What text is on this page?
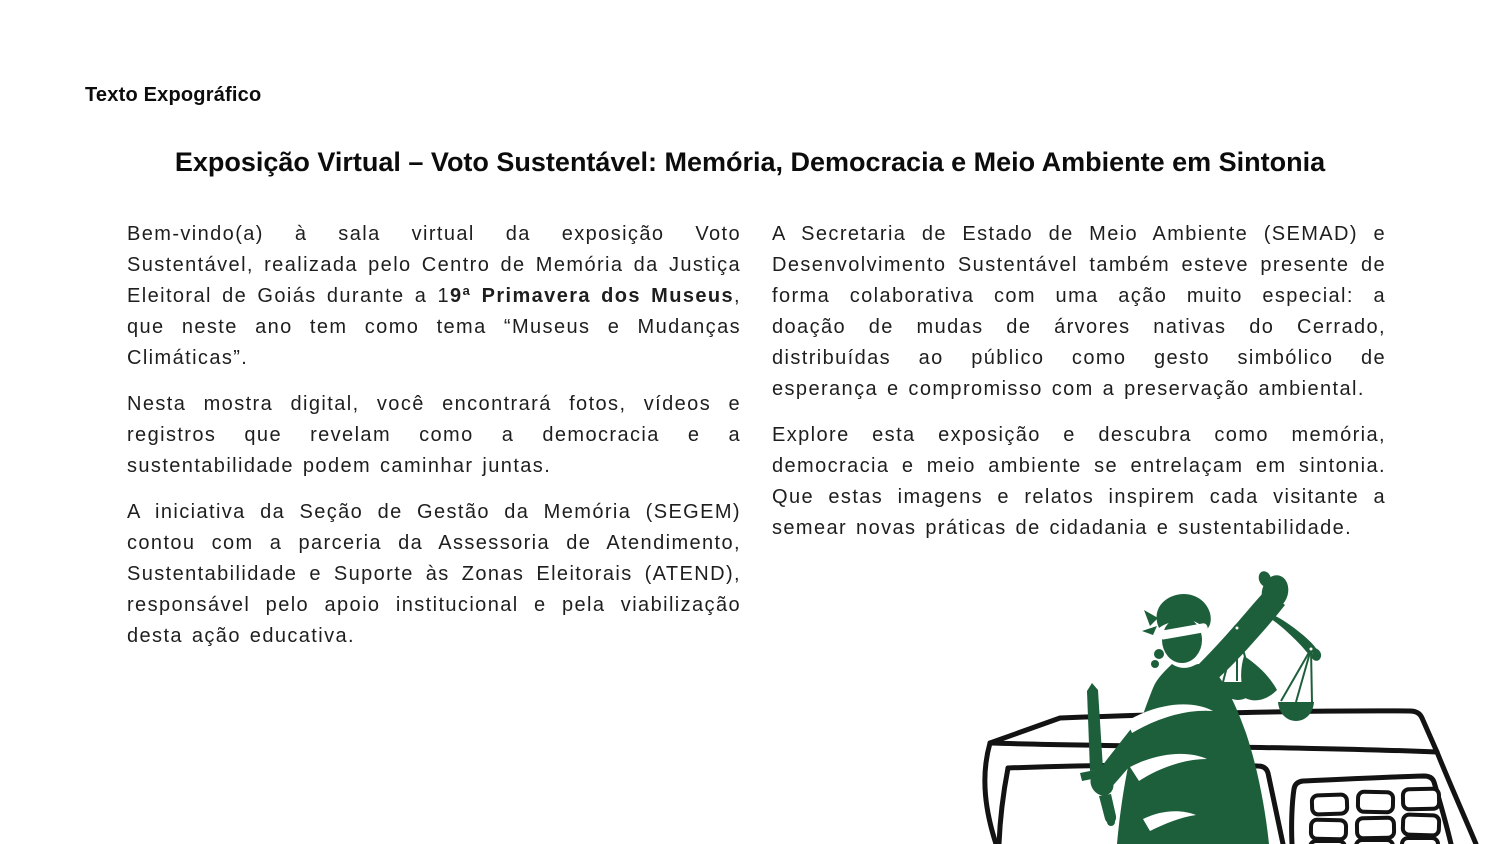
Texto Expográfico
Exposição Virtual – Voto Sustentável: Memória, Democracia e Meio Ambiente em Sintonia

Bem-vindo(a) à sala virtual da exposição Voto Sustentável, realizada pelo Centro de Memória da Justiça Eleitoral de Goiás durante a 19ª Primavera dos Museus, que neste ano tem como tema “Museus e Mudanças Climáticas”.

Nesta mostra digital, você encontrará fotos, vídeos e registros que revelam como a democracia e a sustentabilidade podem caminhar juntas.

A iniciativa da Seção de Gestão da Memória (SEGEM) contou com a parceria da Assessoria de Atendimento, Sustentabilidade e Suporte às Zonas Eleitorais (ATEND), responsável pelo apoio institucional e pela viabilização desta ação educativa.

A Secretaria de Estado de Meio Ambiente (SEMAD) e Desenvolvimento Sustentável também esteve presente de forma colaborativa com uma ação muito especial: a doação de mudas de árvores nativas do Cerrado, distribuídas ao público como gesto simbólico de esperança e compromisso com a preservação ambiental.

Explore esta exposição e descubra como memória, democracia e meio ambiente se entrelaçam em sintonia. Que estas imagens e relatos inspirem cada visitante a semear novas práticas de cidadania e sustentabilidade.
